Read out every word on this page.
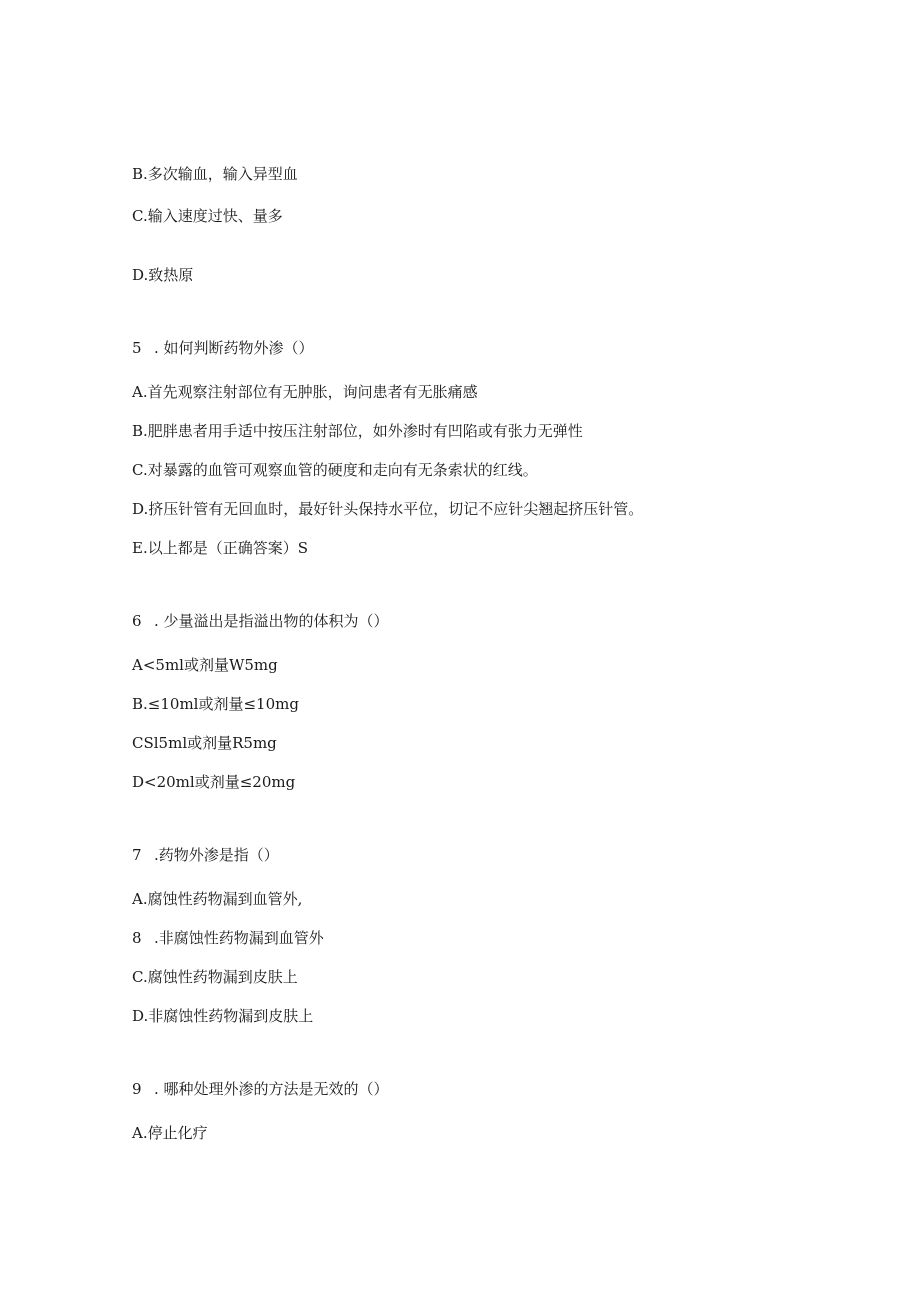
B.多次输血，输入异型血
C.输入速度过快、量多
D.致热原
5 . 如何判断药物外渗（）
A.首先观察注射部位有无肿胀，询问患者有无胀痛感
B.肥胖患者用手适中按压注射部位，如外渗时有凹陷或有张力无弹性
C.对暴露的血管可观察血管的硬度和走向有无条索状的红线。
D.挤压针管有无回血时，最好针头保持水平位，切记不应针尖翘起挤压针管。
E.以上都是（正确答案）S
6 . 少量溢出是指溢出物的体积为（）
A<5ml或剂量W5mg
B.≤10ml或剂量≤10mg
CSl5ml或剂量R5mg
D<20ml或剂量≤20mg
7 .药物外渗是指（）
A.腐蚀性药物漏到血管外,
8 .非腐蚀性药物漏到血管外
C.腐蚀性药物漏到皮肤上
D.非腐蚀性药物漏到皮肤上
9 . 哪种处理外渗的方法是无效的（）
A.停止化疗
